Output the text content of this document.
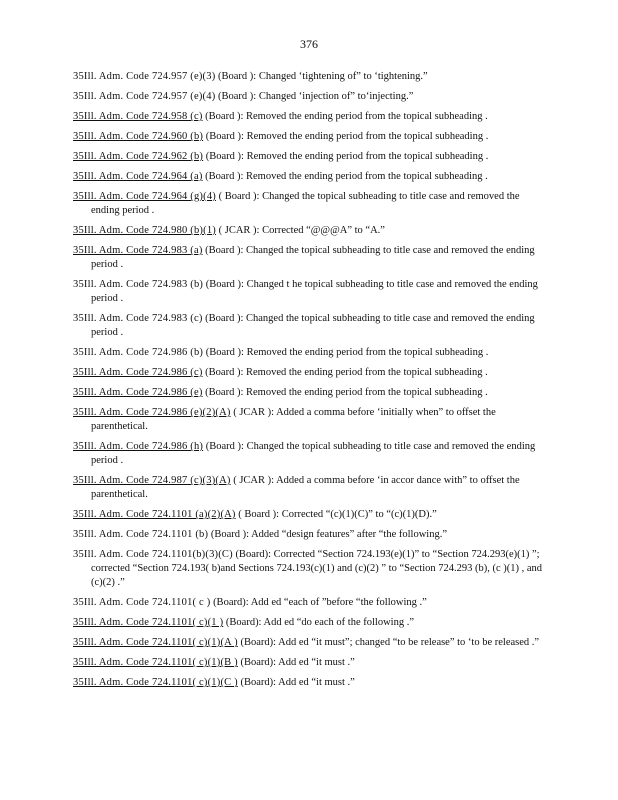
376

35Ill. Adm. Code 724.957 (e)(3) (Board ): Changed ‘tightening of” to ‘tightening.”

35Ill. Adm. Code 724.957 (e)(4) (Board ): Changed ‘injection of” to‘injecting.”

35Ill. Adm. Code 724.958 (c) (Board ): Removed the ending period from the topical subheading .

35Ill. Adm. Code 724.960 (b) (Board ): Removed the ending period from the topical subheading .

35Ill. Adm. Code 724.962 (b) (Board ): Removed the ending period from the topical subheading .

35Ill. Adm. Code 724.964 (a) (Board ): Removed the ending period from the topical subheading .

35Ill. Adm. Code 724.964 (g)(4) ( Board ): Changed the topical subheading to title case and removed the ending period .

35Ill. Adm. Code 724.980 (b)(1) ( JCAR ): Corrected “@@@A” to “A.”

35Ill. Adm. Code 724.983 (a) (Board ): Changed the topical subheading to title case and removed the ending period .

35Ill. Adm. Code 724.983 (b) (Board ): Changed t he topical subheading to title case and removed the ending period .

35Ill. Adm. Code 724.983 (c) (Board ): Changed the topical subheading to title case and removed the ending period .

35Ill. Adm. Code 724.986 (b) (Board ): Removed the ending period from the topical subheading .

35Ill. Adm. Code 724.986 (c) (Board ): Removed the ending period from the topical subheading .

35Ill. Adm. Code 724.986 (e) (Board ): Removed the ending period from the topical subheading .

35Ill. Adm. Code 724.986 (e)(2)(A) ( JCAR ): Added a comma before ‘initially when” to offset the parenthetical.

35Ill. Adm. Code 724.986 (h) (Board ): Changed the topical subheading to title case and removed the ending period .

35Ill. Adm. Code 724.987 (c)(3)(A) ( JCAR ): Added a comma before ‘in accor dance with” to offset the parenthetical.

35Ill. Adm. Code 724.1101 (a)(2)(A) ( Board ): Corrected “(c)(1)(C)” to “(c)(1)(D).”

35Ill. Adm. Code 724.1101 (b) (Board ): Added “design features” after “the following.”

35Ill. Adm. Code 724.1101(b)(3)(C) (Board): Corrected “Section 724.193(e)(1)” to “Section 724.293(e)(1) ”; corrected “Section 724.193( b)and Sections 724.193(c)(1) and (c)(2) ” to “Section 724.293 (b), (c )(1) , and (c)(2) .”

35Ill. Adm. Code 724.1101( c ) (Board): Add ed “each of ”before “the following .”

35Ill. Adm. Code 724.1101( c)(1 ) (Board): Add ed “do each of the following .”

35Ill. Adm. Code 724.1101( c)(1)(A ) (Board): Add ed “it must”; changed “to be release” to ‘to be released .”

35Ill. Adm. Code 724.1101( c)(1)(B ) (Board): Add ed “it must .”

35Ill. Adm. Code 724.1101( c)(1)(C ) (Board): Add ed “it must .”
